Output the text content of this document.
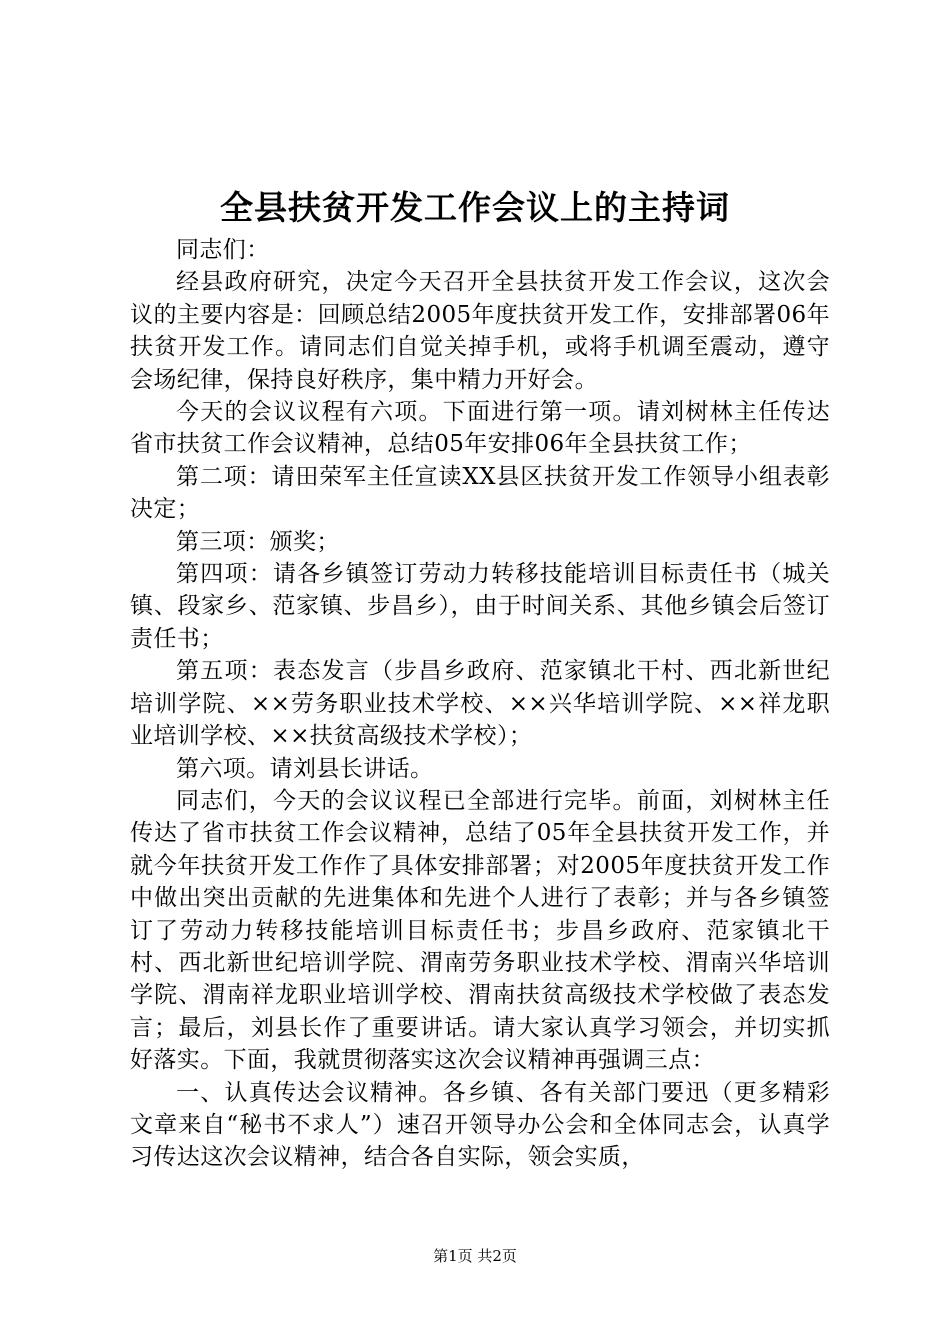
全县扶贫开发工作会议上的主持词

同志们：

经县政府研究，决定今天召开全县扶贫开发工作会议，这次会议的主要内容是：回顾总结2005年度扶贫开发工作，安排部署06年扶贫开发工作。请同志们自觉关掉手机，或将手机调至震动，遵守会场纪律，保持良好秩序，集中精力开好会。

今天的会议议程有六项。下面进行第一项。请刘树林主任传达省市扶贫工作会议精神，总结05年安排06年全县扶贫工作；

第二项：请田荣军主任宣读XX县区扶贫开发工作领导小组表彰决定；

第三项：颁奖；

第四项：请各乡镇签订劳动力转移技能培训目标责任书（城关镇、段家乡、范家镇、步昌乡），由于时间关系、其他乡镇会后签订责任书；

第五项：表态发言（步昌乡政府、范家镇北干村、西北新世纪培训学院、××劳务职业技术学校、××兴华培训学院、××祥龙职业培训学校、××扶贫高级技术学校）；

第六项。请刘县长讲话。

同志们，今天的会议议程已全部进行完毕。前面，刘树林主任传达了省市扶贫工作会议精神，总结了05年全县扶贫开发工作，并就今年扶贫开发工作作了具体安排部署；对2005年度扶贫开发工作中做出突出贡献的先进集体和先进个人进行了表彰；并与各乡镇签订了劳动力转移技能培训目标责任书；步昌乡政府、范家镇北干村、西北新世纪培训学院、渭南劳务职业技术学校、渭南兴华培训学院、渭南祥龙职业培训学校、渭南扶贫高级技术学校做了表态发言；最后，刘县长作了重要讲话。请大家认真学习领会，并切实抓好落实。下面，我就贯彻落实这次会议精神再强调三点：

一、认真传达会议精神。各乡镇、各有关部门要迅（更多精彩文章来自“秘书不求人”）速召开领导办公会和全体同志会，认真学习传达这次会议精神，结合各自实际，领会实质，

第1页 共2页
